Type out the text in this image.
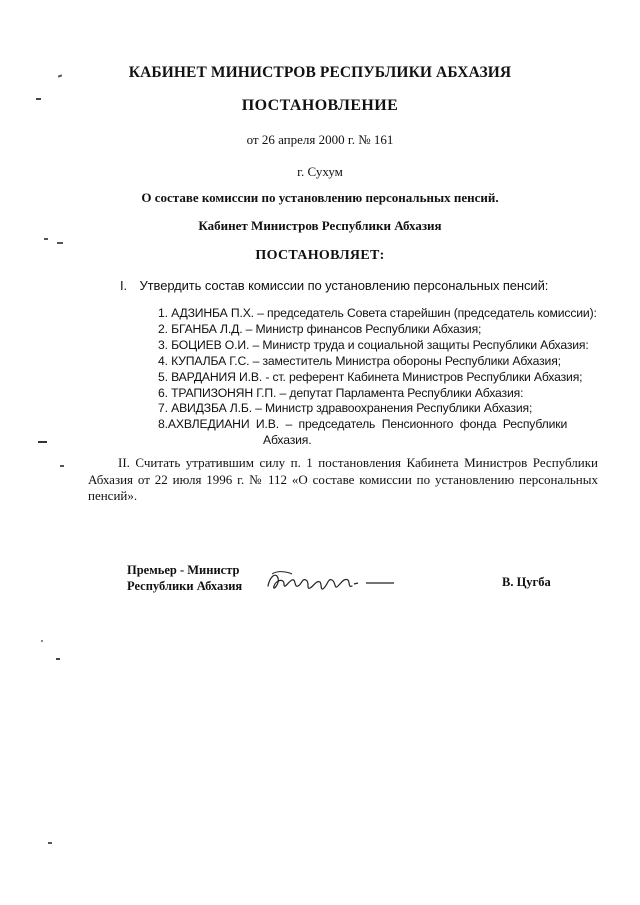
КАБИНЕТ МИНИСТРОВ РЕСПУБЛИКИ АБХАЗИЯ
ПОСТАНОВЛЕНИЕ
от 26 апреля 2000 г. № 161
г. Сухум
О составе комиссии по установлению персональных пенсий.
Кабинет Министров Республики Абхазия
ПОСТАНОВЛЯЕТ:
I. Утвердить состав комиссии по установлению персональных пенсий:
1. АДЗИНБА П.Х. – председатель Совета старейшин (председатель комиссии):
2. БГАНБА Л.Д. – Министр финансов Республики Абхазия;
3. БОЦИЕВ О.И. – Министр труда и социальной защиты Республики Абхазия:
4. КУПАЛБА Г.С. – заместитель Министра обороны Республики Абхазия;
5. ВАРДАНИЯ И.В. - ст. референт Кабинета Министров Республики Абхазия;
6. ТРАПИЗОНЯН Г.П. – депутат Парламента Республики Абхазия:
7. АВИДЗБА Л.Б. – Министр здравоохранения Республики Абхазия;
8.АХВЛЕДИАНИ  И.В.  –  председатель  Пенсионного  фонда  Республики
Абхазия.
II. Считать утратившим силу п. 1 постановления Кабинета Министров Республики Абхазия от 22 июля 1996 г. № 112 «О составе комиссии по установлению персональных пенсий».
Премьер - Министр
Республики Абхазия	В. Цугба
